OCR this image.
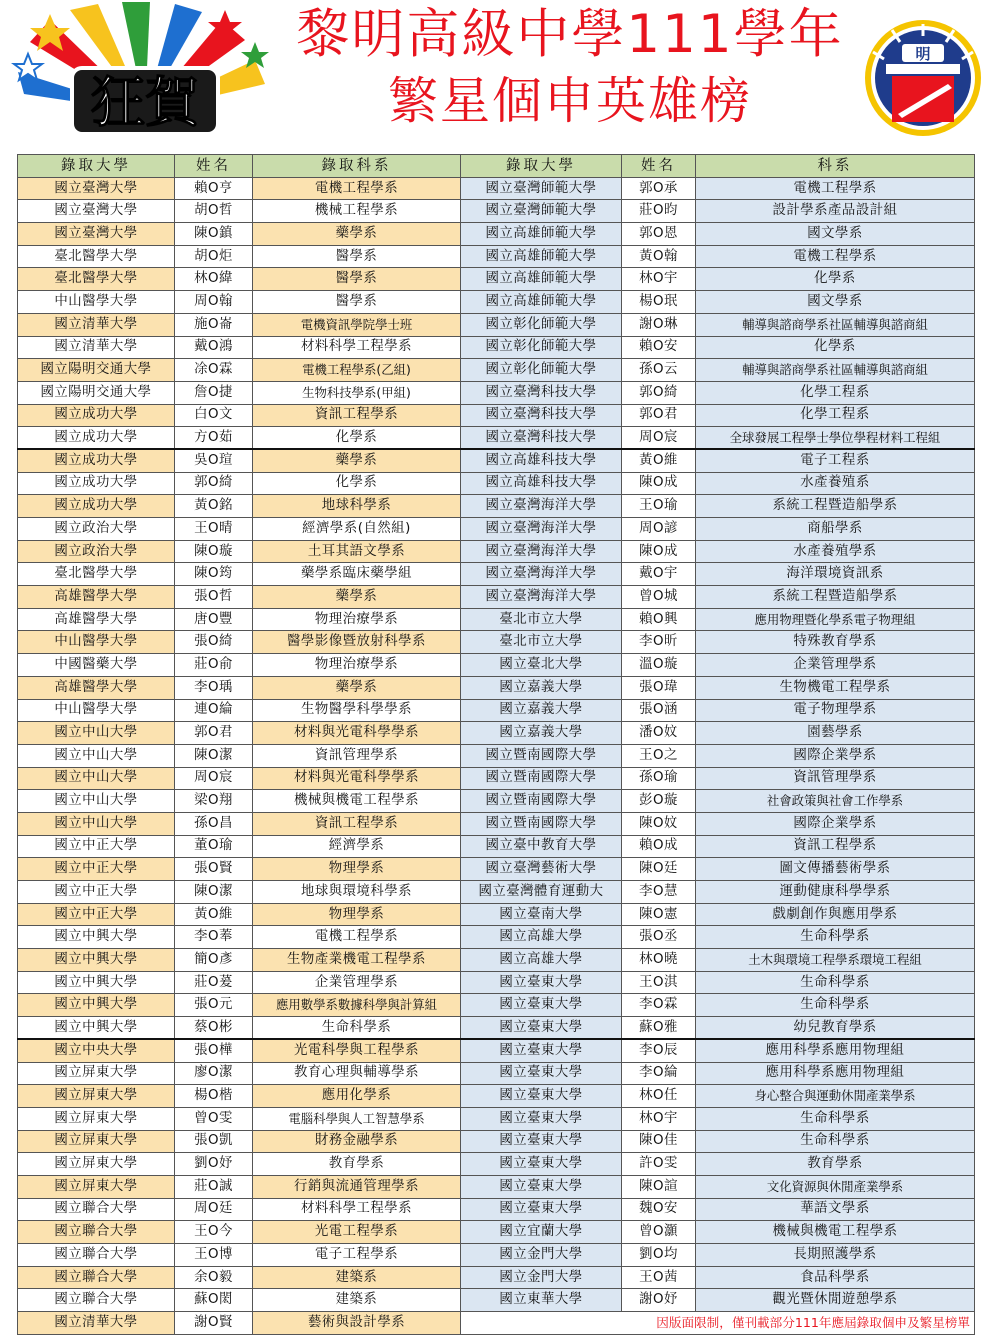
狂賀
黎明高級中學111學年
繁星個申英雄榜
明
錄取大學	姓名	錄取科系	錄取大學	姓名	科系
國立臺灣大學	賴O亨	電機工程學系	國立臺灣師範大學	郭O承	電機工程學系
國立臺灣大學	胡O哲	機械工程學系	國立臺灣師範大學	莊O昀	設計學系產品設計組
國立臺灣大學	陳O鎮	藥學系	國立高雄師範大學	郭O恩	國文學系
臺北醫學大學	胡O炬	醫學系	國立高雄師範大學	黃O翰	電機工程學系
臺北醫學大學	林O緯	醫學系	國立高雄師範大學	林O宇	化學系
中山醫學大學	周O翰	醫學系	國立高雄師範大學	楊O珉	國文學系
國立清華大學	施O崙	電機資訊學院學士班	國立彰化師範大學	謝O琳	輔導與諮商學系社區輔導與諮商組
國立清華大學	戴O鴻	材料科學工程學系	國立彰化師範大學	賴O安	化學系
國立陽明交通大學	凃O霖	電機工程學系(乙組)	國立彰化師範大學	孫O云	輔導與諮商學系社區輔導與諮商組
國立陽明交通大學	詹O捷	生物科技學系(甲組)	國立臺灣科技大學	郭O綺	化學工程系
國立成功大學	白O文	資訊工程學系	國立臺灣科技大學	郭O君	化學工程系
國立成功大學	方O茹	化學系	國立臺灣科技大學	周O宸	全球發展工程學士學位學程材料工程組
國立成功大學	吳O瑄	藥學系	國立高雄科技大學	黃O維	電子工程系
國立成功大學	郭O綺	化學系	國立高雄科技大學	陳O成	水產養殖系
國立成功大學	黃O銘	地球科學系	國立臺灣海洋大學	王O瑜	系統工程暨造船學系
國立政治大學	王O晴	經濟學系(自然組)	國立臺灣海洋大學	周O諺	商船學系
國立政治大學	陳O璇	土耳其語文學系	國立臺灣海洋大學	陳O成	水產養殖學系
臺北醫學大學	陳O筠	藥學系臨床藥學組	國立臺灣海洋大學	戴O宇	海洋環境資訊系
高雄醫學大學	張O哲	藥學系	國立臺灣海洋大學	曾O城	系統工程暨造船學系
高雄醫學大學	唐O豐	物理治療學系	臺北市立大學	賴O興	應用物理暨化學系電子物理組
中山醫學大學	張O綺	醫學影像暨放射科學系	臺北市立大學	李O昕	特殊教育學系
中國醫藥大學	莊O俞	物理治療學系	國立臺北大學	溫O璇	企業管理學系
高雄醫學大學	李O瑀	藥學系	國立嘉義大學	張O瑋	生物機電工程學系
中山醫學大學	連O綸	生物醫學科學學系	國立嘉義大學	張O涵	電子物理學系
國立中山大學	郭O君	材料與光電科學學系	國立嘉義大學	潘O妏	園藝學系
國立中山大學	陳O潔	資訊管理學系	國立暨南國際大學	王O之	國際企業學系
國立中山大學	周O宸	材料與光電科學學系	國立暨南國際大學	孫O瑜	資訊管理學系
國立中山大學	梁O翔	機械與機電工程學系	國立暨南國際大學	彭O璇	社會政策與社會工作學系
國立中山大學	孫O昌	資訊工程學系	國立暨南國際大學	陳O妏	國際企業學系
國立中正大學	董O瑜	經濟學系	國立臺中教育大學	賴O成	資訊工程學系
國立中正大學	張O賢	物理學系	國立臺灣藝術大學	陳O廷	圖文傳播藝術學系
國立中正大學	陳O潔	地球與環境科學系	國立臺灣體育運動大	李O慧	運動健康科學學系
國立中正大學	黃O維	物理學系	國立臺南大學	陳O憲	戲劇創作與應用學系
國立中興大學	李O菶	電機工程學系	國立高雄大學	張O丞	生命科學系
國立中興大學	簡O彥	生物產業機電工程學系	國立高雄大學	林O曉	土木與環境工程學系環境工程組
國立中興大學	莊O萲	企業管理學系	國立臺東大學	王O淇	生命科學系
國立中興大學	張O元	應用數學系數據科學與計算組	國立臺東大學	李O霖	生命科學系
國立中興大學	蔡O彬	生命科學系	國立臺東大學	蘇O雅	幼兒教育學系
國立中央大學	張O樺	光電科學與工程學系	國立臺東大學	李O辰	應用科學系應用物理組
國立屏東大學	廖O潔	教育心理與輔導學系	國立臺東大學	李O綸	應用科學系應用物理組
國立屏東大學	楊O楷	應用化學系	國立臺東大學	林O任	身心整合與運動休閒產業學系
國立屏東大學	曾O雯	電腦科學與人工智慧學系	國立臺東大學	林O宇	生命科學系
國立屏東大學	張O凱	財務金融學系	國立臺東大學	陳O佳	生命科學系
國立屏東大學	劉O妤	教育學系	國立臺東大學	許O雯	教育學系
國立屏東大學	莊O誠	行銷與流通管理學系	國立臺東大學	陳O諠	文化資源與休閒產業學系
國立聯合大學	周O廷	材料科學工程學系	國立臺東大學	魏O安	華語文學系
國立聯合大學	王O今	光電工程學系	國立宜蘭大學	曾O灝	機械與機電工程學系
國立聯合大學	王O博	電子工程學系	國立金門大學	劉O均	長期照護學系
國立聯合大學	余O毅	建築系	國立金門大學	王O茜	食品科學系
國立聯合大學	蘇O閎	建築系	國立東華大學	謝O妤	觀光暨休閒遊憩學系
國立清華大學	謝O賢	藝術與設計學系	因版面限制，僅刊載部分111年應屆錄取個申及繁星榜單		
